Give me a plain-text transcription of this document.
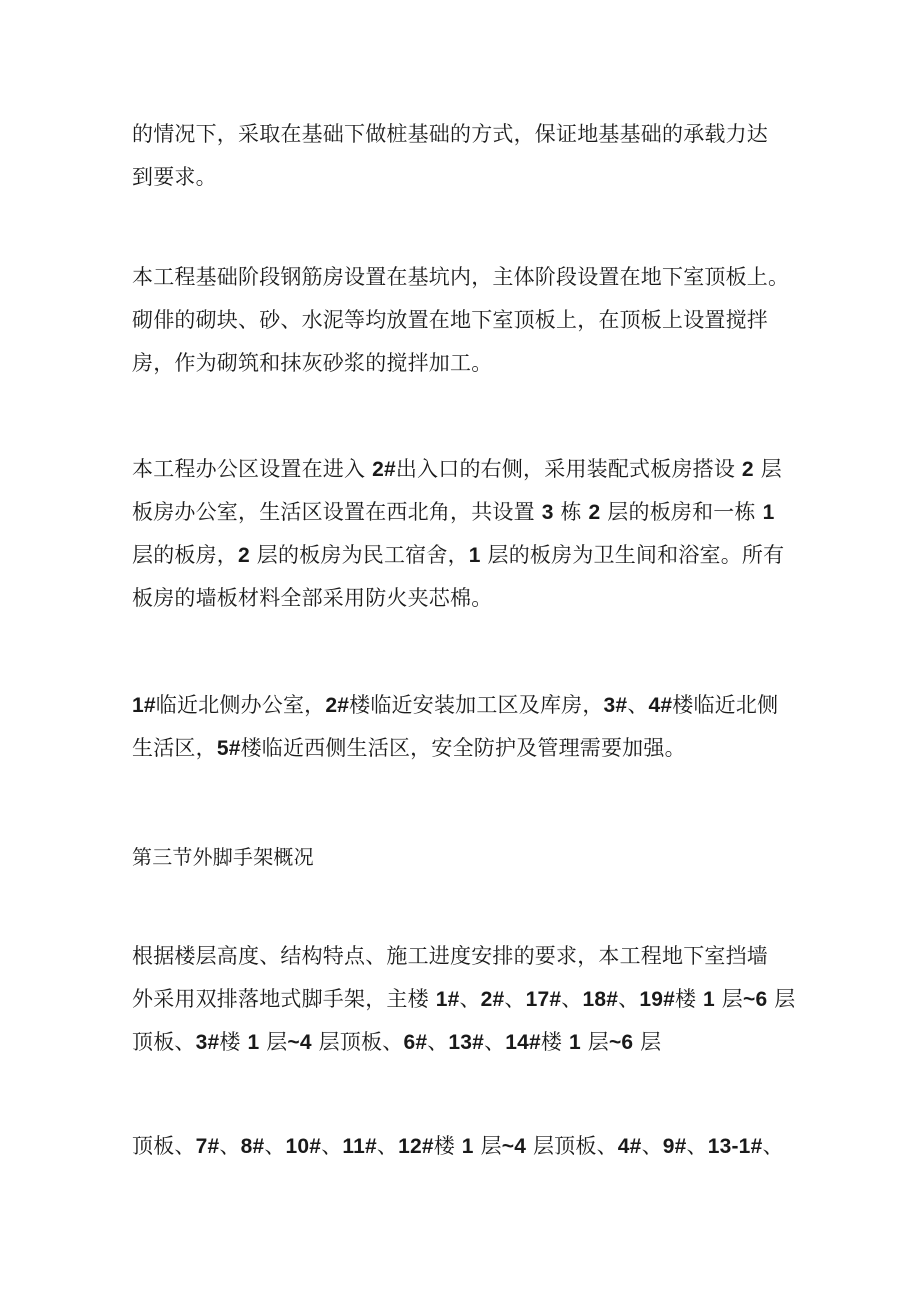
的情况下，采取在基础下做桩基础的方式，保证地基基础的承载力达
到要求。

本工程基础阶段钢筋房设置在基坑内，主体阶段设置在地下室顶板上。
砌俳的砌块、砂、水泥等均放置在地下室顶板上，在顶板上设置搅拌
房，作为砌筑和抹灰砂浆的搅拌加工。

本工程办公区设置在进入 2#出入口的右侧，采用装配式板房搭设 2 层
板房办公室，生活区设置在西北角，共设置 3 栋 2 层的板房和一栋 1
层的板房，2 层的板房为民工宿舍，1 层的板房为卫生间和浴室。所有
板房的墙板材料全部采用防火夹芯棉。

1#临近北侧办公室，2#楼临近安装加工区及库房，3#、4#楼临近北侧
生活区，5#楼临近西侧生活区，安全防护及管理需要加强。

第三节外脚手架概况

根据楼层高度、结构特点、施工进度安排的要求，本工程地下室挡墙
外采用双排落地式脚手架，主楼 1#、2#、17#、18#、19#楼 1 层~6 层
顶板、3#楼 1 层~4 层顶板、6#、13#、14#楼 1 层~6 层

顶板、7#、8#、10#、11#、12#楼 1 层~4 层顶板、4#、9#、13-1#、
